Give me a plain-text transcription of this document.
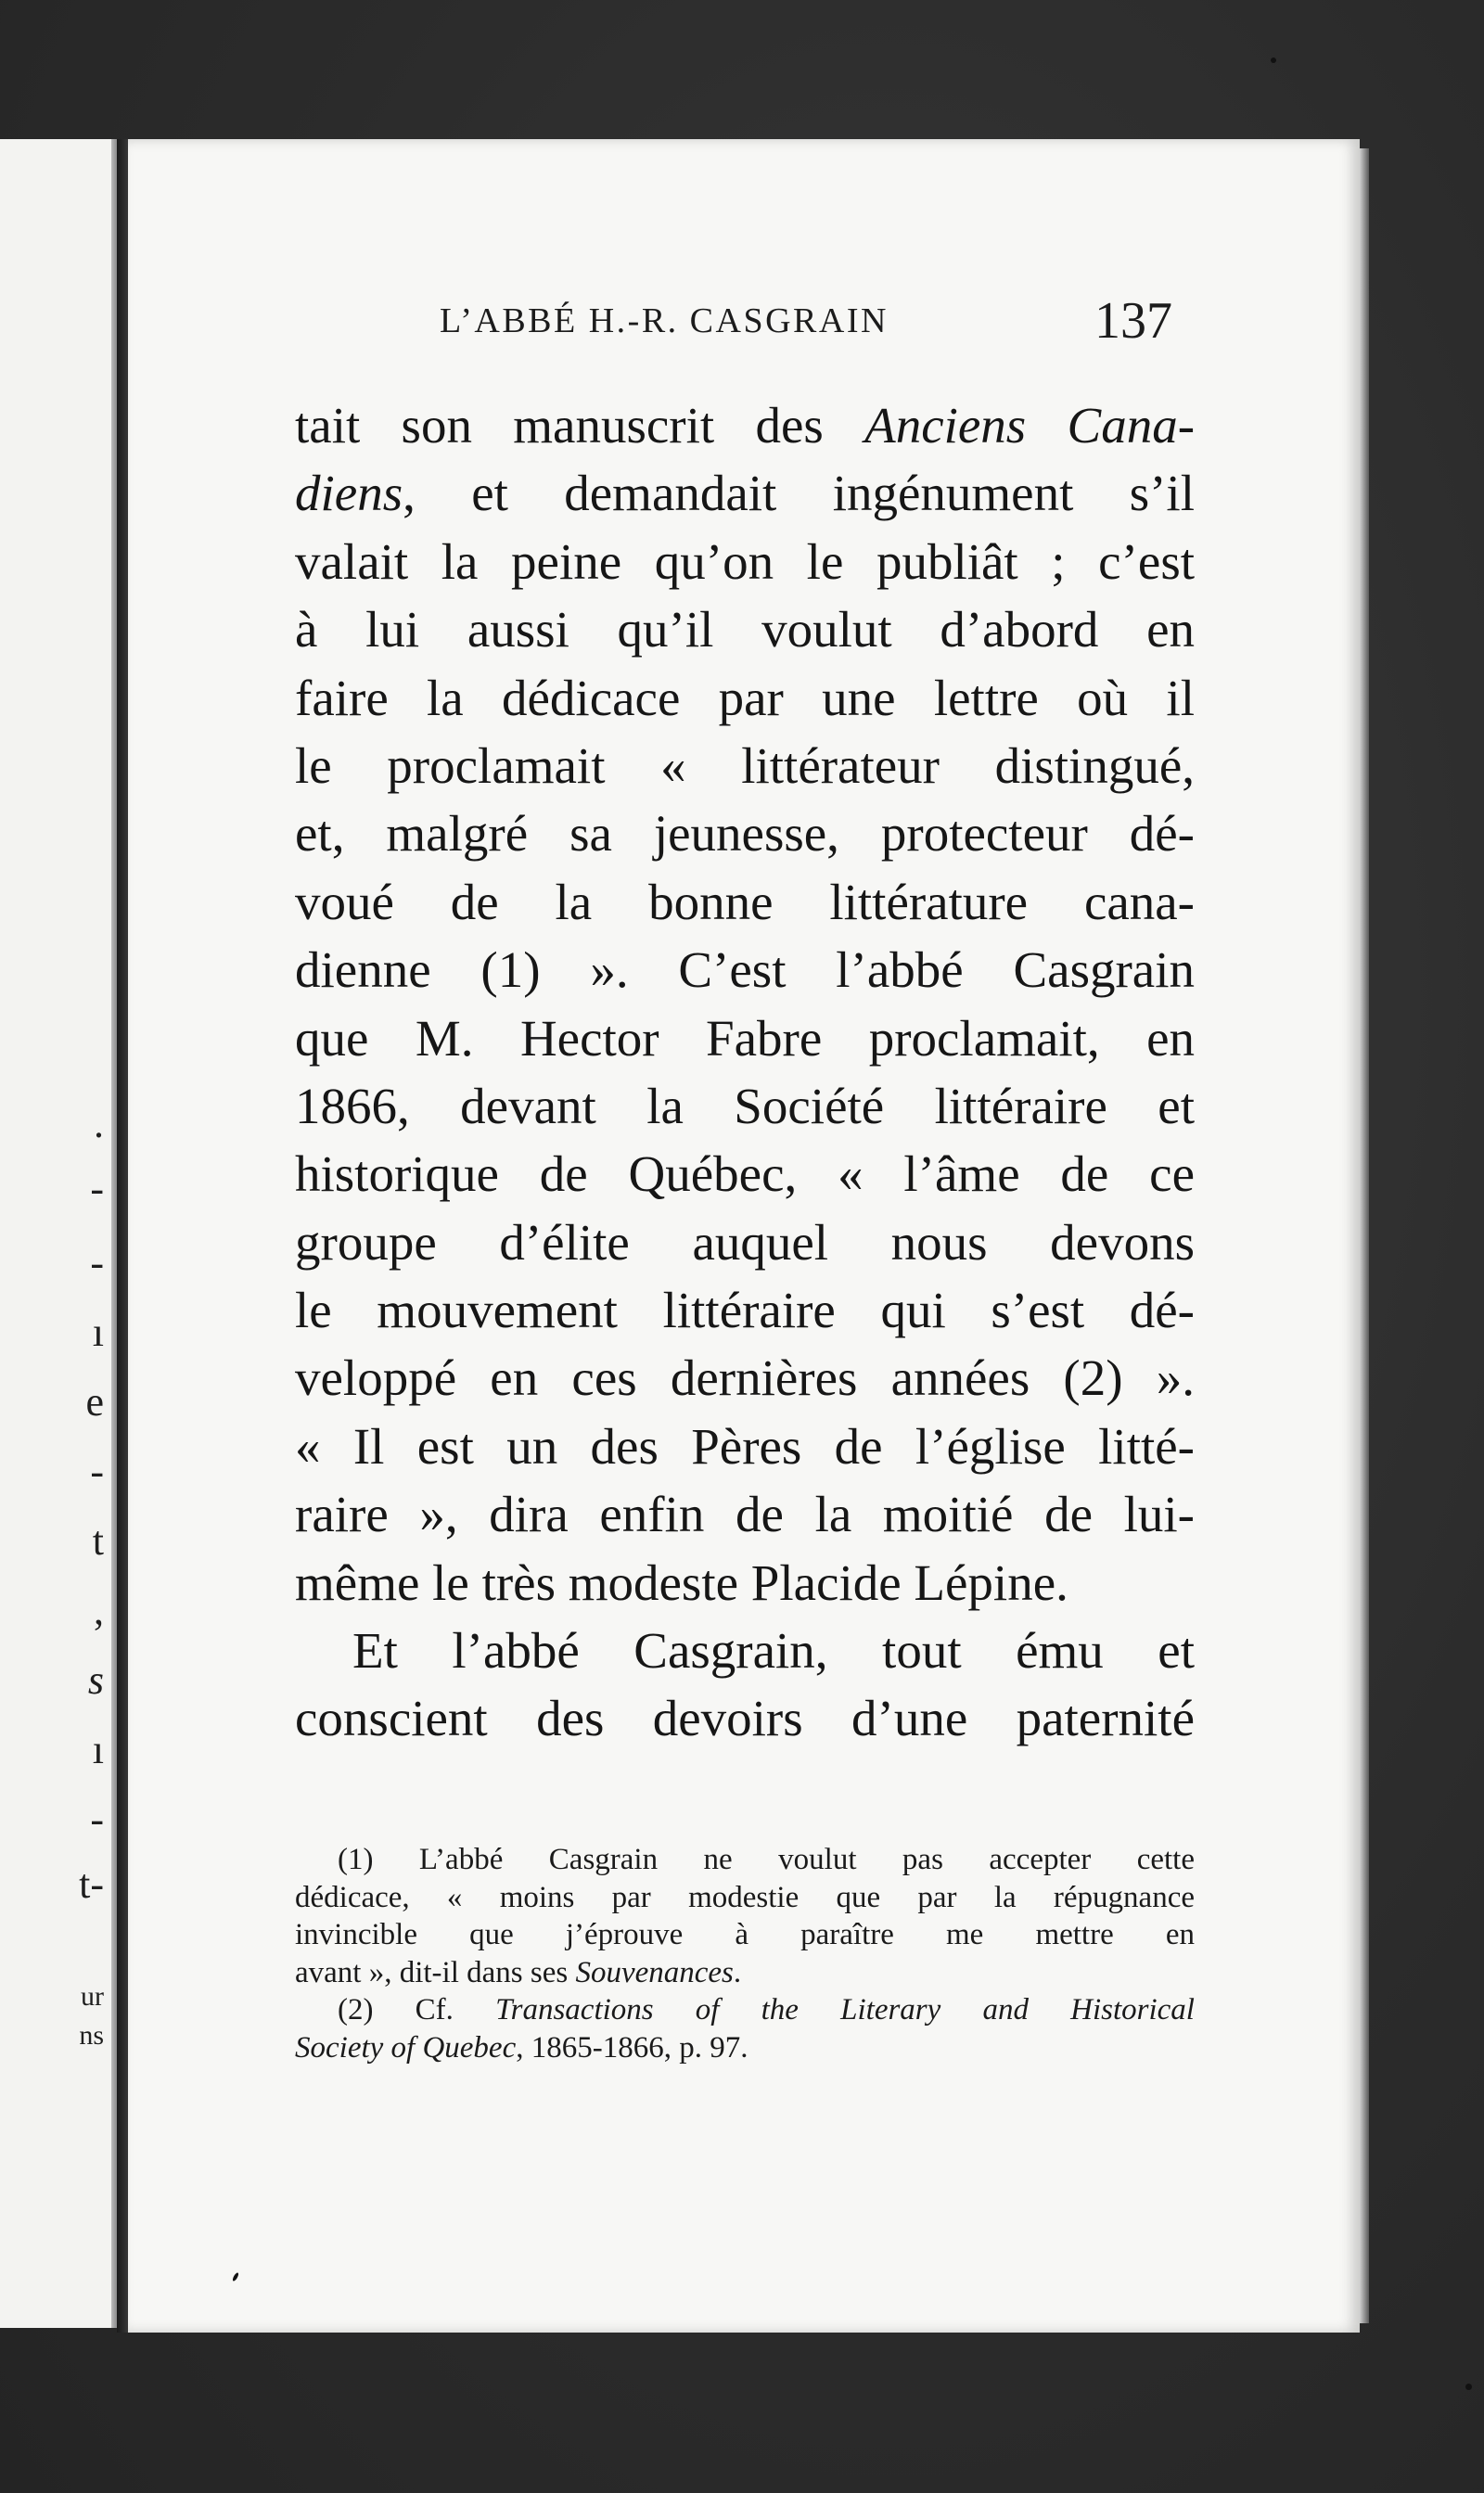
.
-
-
ı
e
-
t
,
s
ı
-
t-
ur
ns
L’ABBÉ H.-R. CASGRAIN	137
tait son manuscrit des Anciens Cana-
diens, et demandait ingénument s’il
valait la peine qu’on le publiât ; c’est
à lui aussi qu’il voulut d’abord en
faire la dédicace par une lettre où il
le proclamait « littérateur distingué,
et, malgré sa jeunesse, protecteur dé-
voué de la bonne littérature cana-
dienne (1) ». C’est l’abbé Casgrain
que M. Hector Fabre proclamait, en
1866, devant la Société littéraire et
historique de Québec, « l’âme de ce
groupe d’élite auquel nous devons
le mouvement littéraire qui s’est dé-
veloppé en ces dernières années (2) ».
« Il est un des Pères de l’église litté-
raire », dira enfin de la moitié de lui-
même le très modeste Placide Lépine.
Et l’abbé Casgrain, tout ému et
conscient des devoirs d’une paternité
(1) L’abbé Casgrain ne voulut pas accepter cette
dédicace, « moins par modestie que par la répugnance
invincible que j’éprouve à paraître me mettre en
avant », dit-il dans ses Souvenances.
(2) Cf. Transactions of the Literary and Historical
Society of Quebec, 1865-1866, p. 97.
